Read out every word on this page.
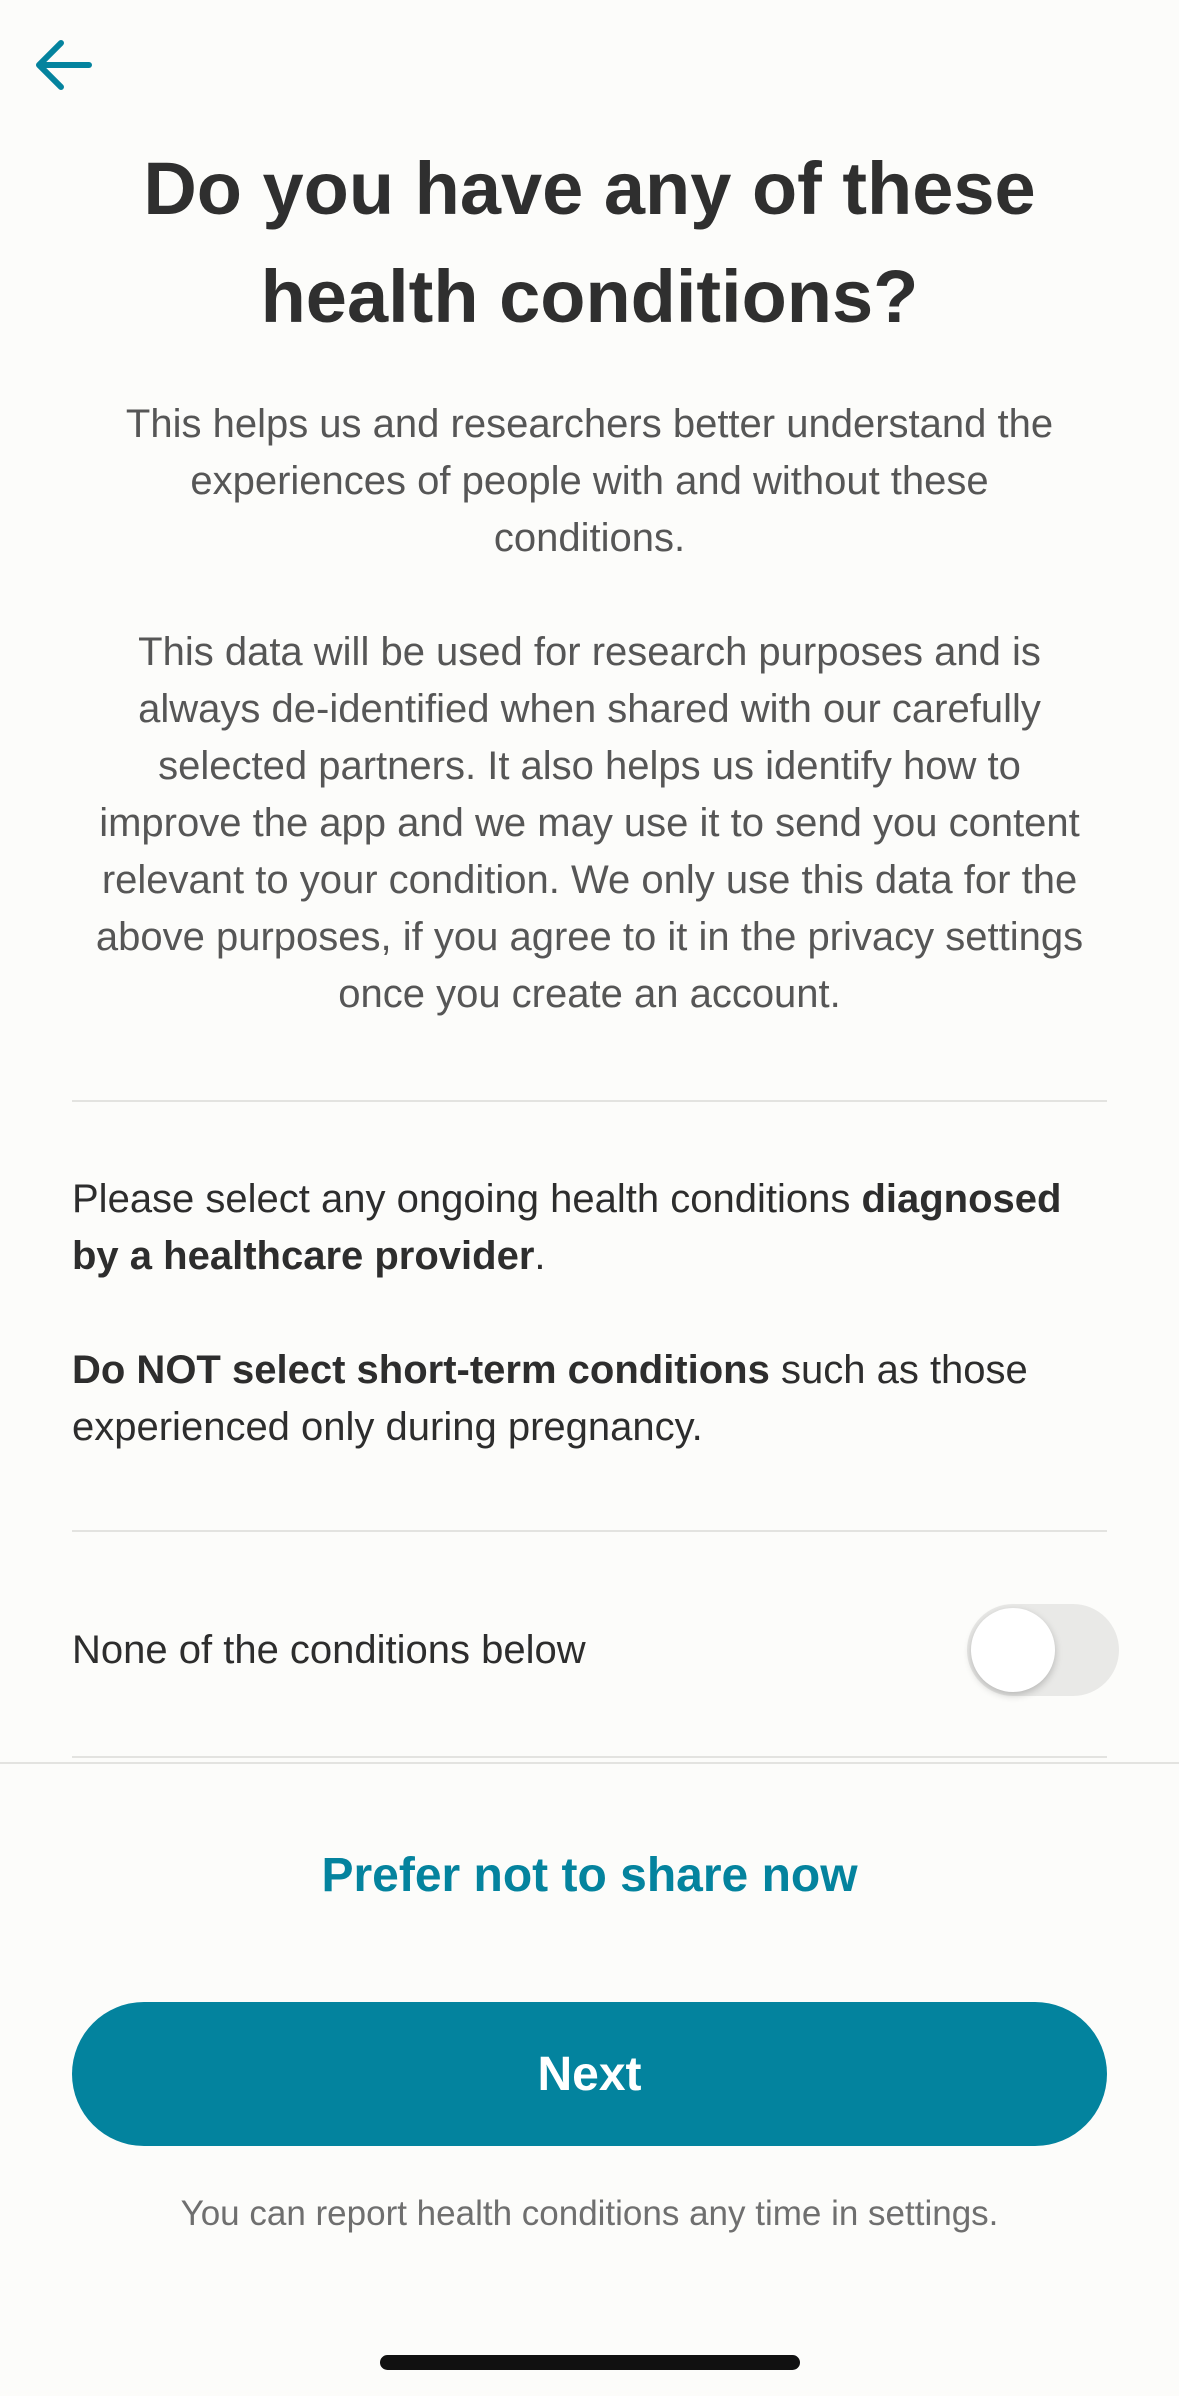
Do you have any of these health conditions?

This helps us and researchers better understand the experiences of people with and without these conditions.

This data will be used for research purposes and is always de-identified when shared with our carefully selected partners. It also helps us identify how to improve the app and we may use it to send you content relevant to your condition. We only use this data for the above purposes, if you agree to it in the privacy settings once you create an account.

Please select any ongoing health conditions diagnosed by a healthcare provider.

Do NOT select short-term conditions such as those experienced only during pregnancy.

None of the conditions below
Prefer not to share now
Next
You can report health conditions any time in settings.
